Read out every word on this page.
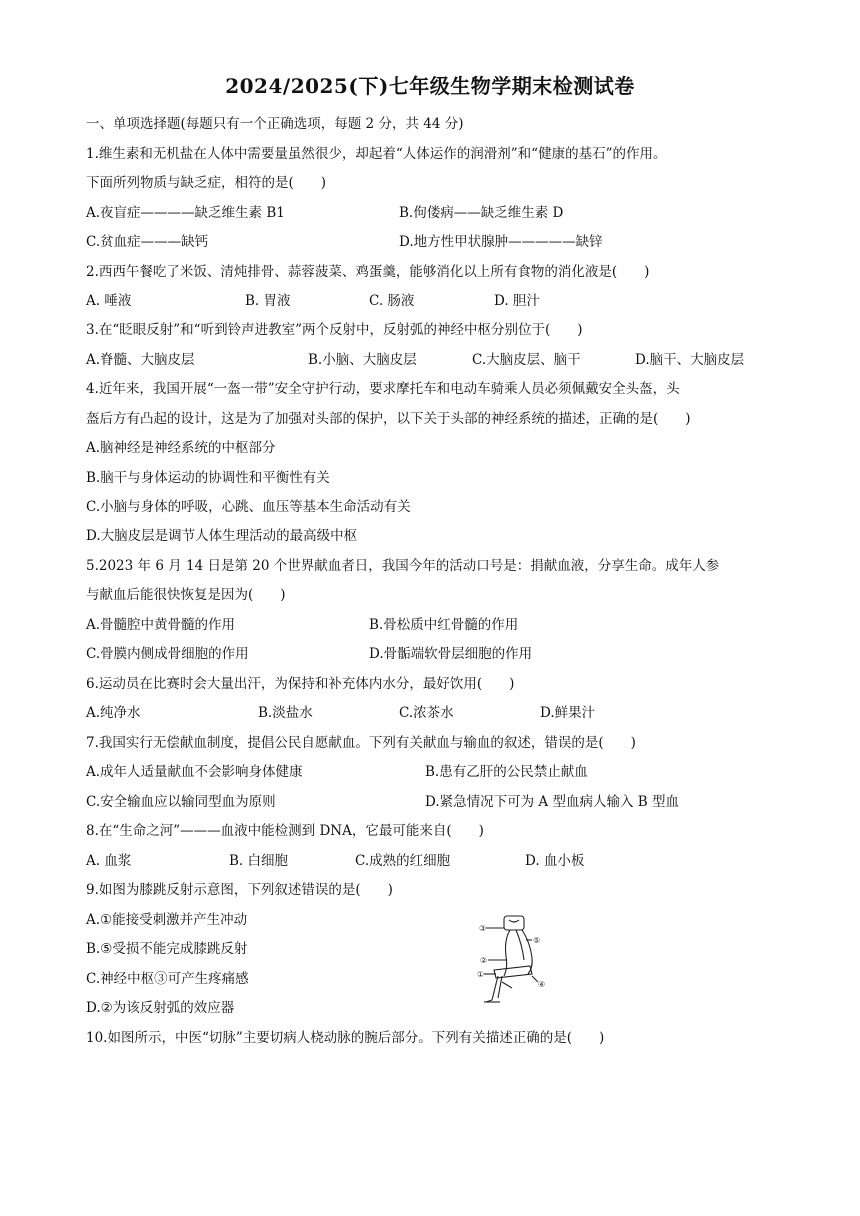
2024/2025(下)七年级生物学期末检测试卷
一、单项选择题(每题只有一个正确选项，每题 2 分，共 44 分)
1.维生素和无机盐在人体中需要量虽然很少，却起着“人体运作的润滑剂”和“健康的基石”的作用。
下面所列物质与缺乏症，相符的是(　　)
A.夜盲症————缺乏维生素 B1	B.佝偻病——缺乏维生素 D
C.贫血症———缺钙	D.地方性甲状腺肿—————缺锌
2.西西午餐吃了米饭、清炖排骨、蒜蓉菠菜、鸡蛋羹，能够消化以上所有食物的消化液是(　　)
A. 唾液	B. 胃液	C. 肠液	D. 胆汁
3.在“眨眼反射”和“听到铃声进教室”两个反射中，反射弧的神经中枢分别位于(　　)
A.脊髓、大脑皮层	B.小脑、大脑皮层	C.大脑皮层、脑干	D.脑干、大脑皮层
4.近年来，我国开展“一盔一带”安全守护行动，要求摩托车和电动车骑乘人员必须佩戴安全头盔，头
盔后方有凸起的设计，这是为了加强对头部的保护，以下关于头部的神经系统的描述，正确的是(　　)
A.脑神经是神经系统的中枢部分
B.脑干与身体运动的协调性和平衡性有关
C.小脑与身体的呼吸，心跳、血压等基本生命活动有关
D.大脑皮层是调节人体生理活动的最高级中枢
5.2023 年 6 月 14 日是第 20 个世界献血者日，我国今年的活动口号是：捐献血液，分享生命。成年人参
与献血后能很快恢复是因为(　　)
A.骨髓腔中黄骨髓的作用	B.骨松质中红骨髓的作用
C.骨膜内侧成骨细胞的作用	D.骨骺端软骨层细胞的作用
6.运动员在比赛时会大量出汗，为保持和补充体内水分，最好饮用(　　)
A.纯净水	B.淡盐水	C.浓茶水	D.鲜果汁
7.我国实行无偿献血制度，提倡公民自愿献血。下列有关献血与输血的叙述，错误的是(　　)
A.成年人适量献血不会影响身体健康	B.患有乙肝的公民禁止献血
C.安全输血应以输同型血为原则	D.紧急情况下可为 A 型血病人输入 B 型血
8.在“生命之河”———血液中能检测到 DNA，它最可能来自(　　)
A. 血浆	B. 白细胞	C.成熟的红细胞	D. 血小板
9.如图为膝跳反射示意图，下列叙述错误的是(　　)
A.①能接受刺激并产生冲动
B.⑤受损不能完成膝跳反射
C.神经中枢③可产生疼痛感
D.②为该反射弧的效应器
③
②
①
④
⑤
10.如图所示，中医“切脉”主要切病人桡动脉的腕后部分。下列有关描述正确的是(　　)
